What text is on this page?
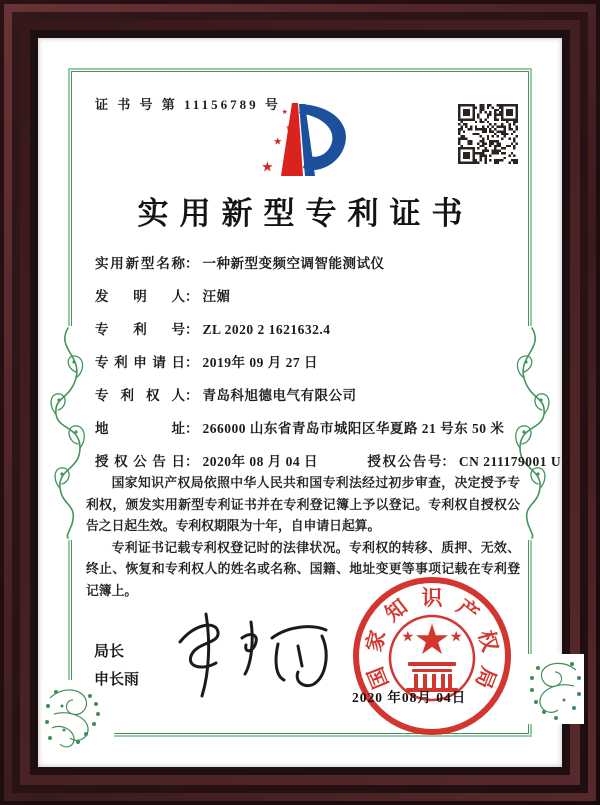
证 书 号 第 11156789 号
实用新型专利证书
实用新型名称： 一种新型变频空调智能测试仪
发明人： 汪媚
专利号： ZL 2020 2 1621632.4
专利申请日： 2019年 09 月 27 日
专利权人： 青岛科旭德电气有限公司
地址： 266000 山东省青岛市城阳区华夏路 21 号东 50 米
授权公告日： 2020年 08 月 04 日	授权公告号： CN 211179001 U

国家知识产权局依照中华人民共和国专利法经过初步审查，决定授予专利权，颁发实用新型专利证书并在专利登记簿上予以登记。专利权自授权公告之日起生效。专利权期限为十年，自申请日起算。

专利证书记载专利权登记时的法律状况。专利权的转移、质押、无效、终止、恢复和专利权人的姓名或名称、国籍、地址变更等事项记载在专利登记簿上。

局长
申长雨	国
家
知 识 产
权
局
2020 年08月 04日
